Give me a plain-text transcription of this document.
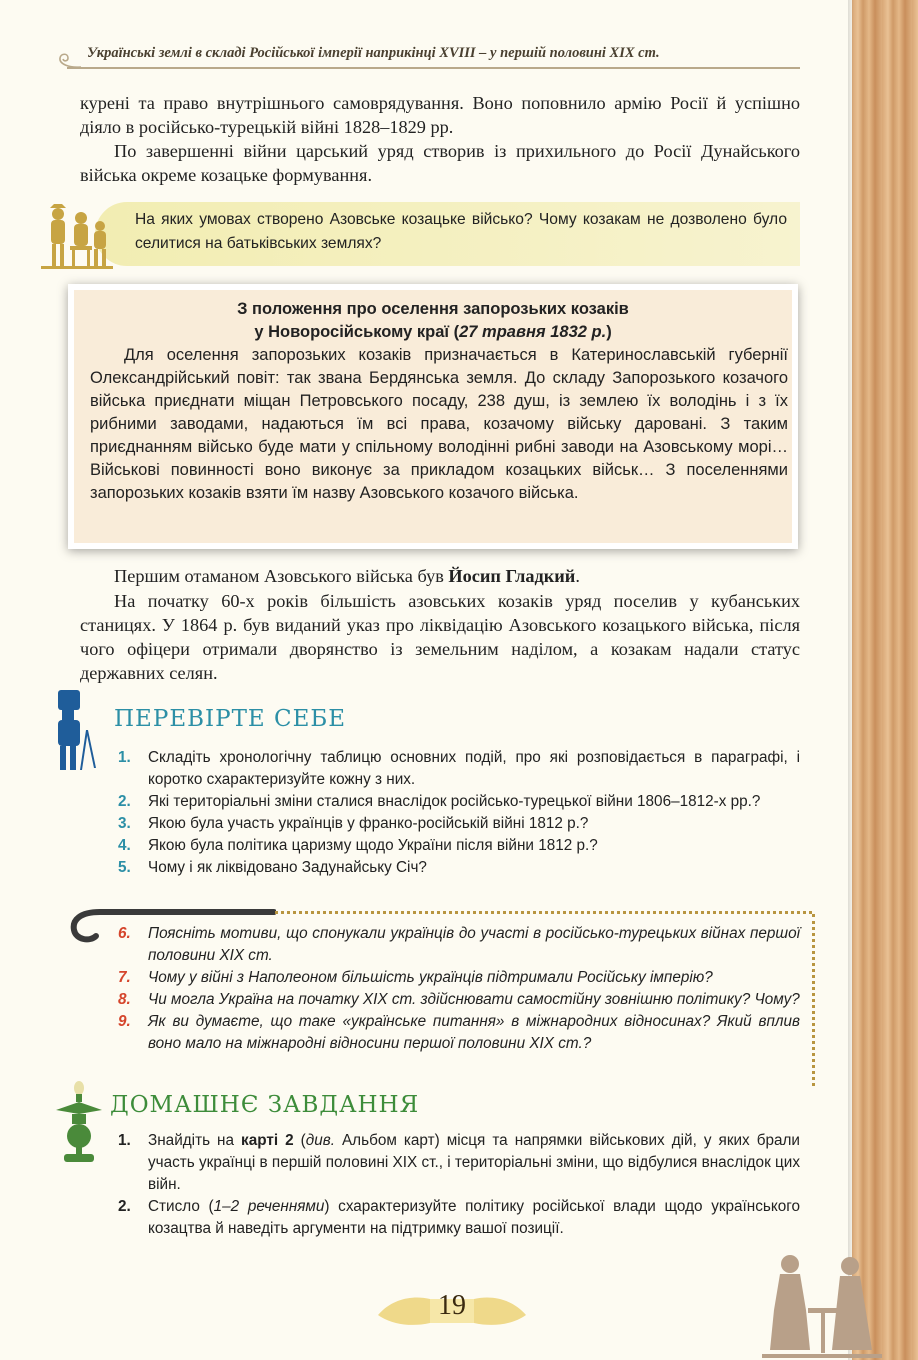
Українські землі в складі Російської імперії наприкінці XVIII – у першій половині XIX ст.

курені та право внутрішнього самоврядування. Воно поповнило армію Росії й успішно діяло в російсько-турецькій війні 1828–1829 рр.

По завершенні війни царський уряд створив із прихильного до Росії Дунайського війська окреме козацьке формування.

На яких умовах створено Азовське козацьке військо? Чому козакам не дозволено було селитися на батьківських землях?
З положення про оселення запорозьких козаків
у Новоросійському краї (27 травня 1832 р.)
Для оселення запорозьких козаків призначається в Катеринославській губернії Олександрійський повіт: так звана Бердянська земля. До складу Запорозького козачого війська приєднати міщан Петровського посаду, 238 душ, із землею їх володінь і з їх рибними заводами, надаються їм всі права, козачому війську даровані. З таким приєднанням військо буде мати у спільному володінні рибні заводи на Азовському морі… Військові повинності воно виконує за прикладом козацьких військ… З поселеннями запорозьких козаків взяти їм назву Азовського козачого війська.

Першим отаманом Азовського війська був Йосип Гладкий.

На початку 60-х років більшість азовських козаків уряд поселив у кубанських станицях. У 1864 р. був виданий указ про ліквідацію Азовського козацького війська, після чого офіцери отримали дворянство із земельним наділом, а козакам надали статус державних селян.

ПЕРЕВІРТЕ СЕБЕ
1. Складіть хронологічну таблицю основних подій, про які розповідається в параграфі, і коротко схарактеризуйте кожну з них.
2. Які територіальні зміни сталися внаслідок російсько-турецької війни 1806–1812-х рр.?
3. Якою була участь українців у франко-російській війні 1812 р.?
4. Якою була політика царизму щодо України після війни 1812 р.?
5. Чому і як ліквідовано Задунайську Січ?
6. Поясніть мотиви, що спонукали українців до участі в російсько-турецьких війнах першої половини XIX ст.
7. Чому у війні з Наполеоном більшість українців підтримали Російську імперію?
8. Чи могла Україна на початку XIX ст. здійснювати самостійну зовнішню політику? Чому?
9. Як ви думаєте, що таке «українське питання» в міжнародних відносинах? Який вплив воно мало на міжнародні відносини першої половини XIX ст.?
ДОМАШНЄ ЗАВДАННЯ
1. Знайдіть на карті 2 (див. Альбом карт) місця та напрямки військових дій, у яких брали участь українці в першій половині XIX ст., і територіальні зміни, що відбулися внаслідок цих війн.
2. Стисло (1–2 реченнями) схарактеризуйте політику російської влади щодо українського козацтва й наведіть аргументи на підтримку вашої позиції.
19
